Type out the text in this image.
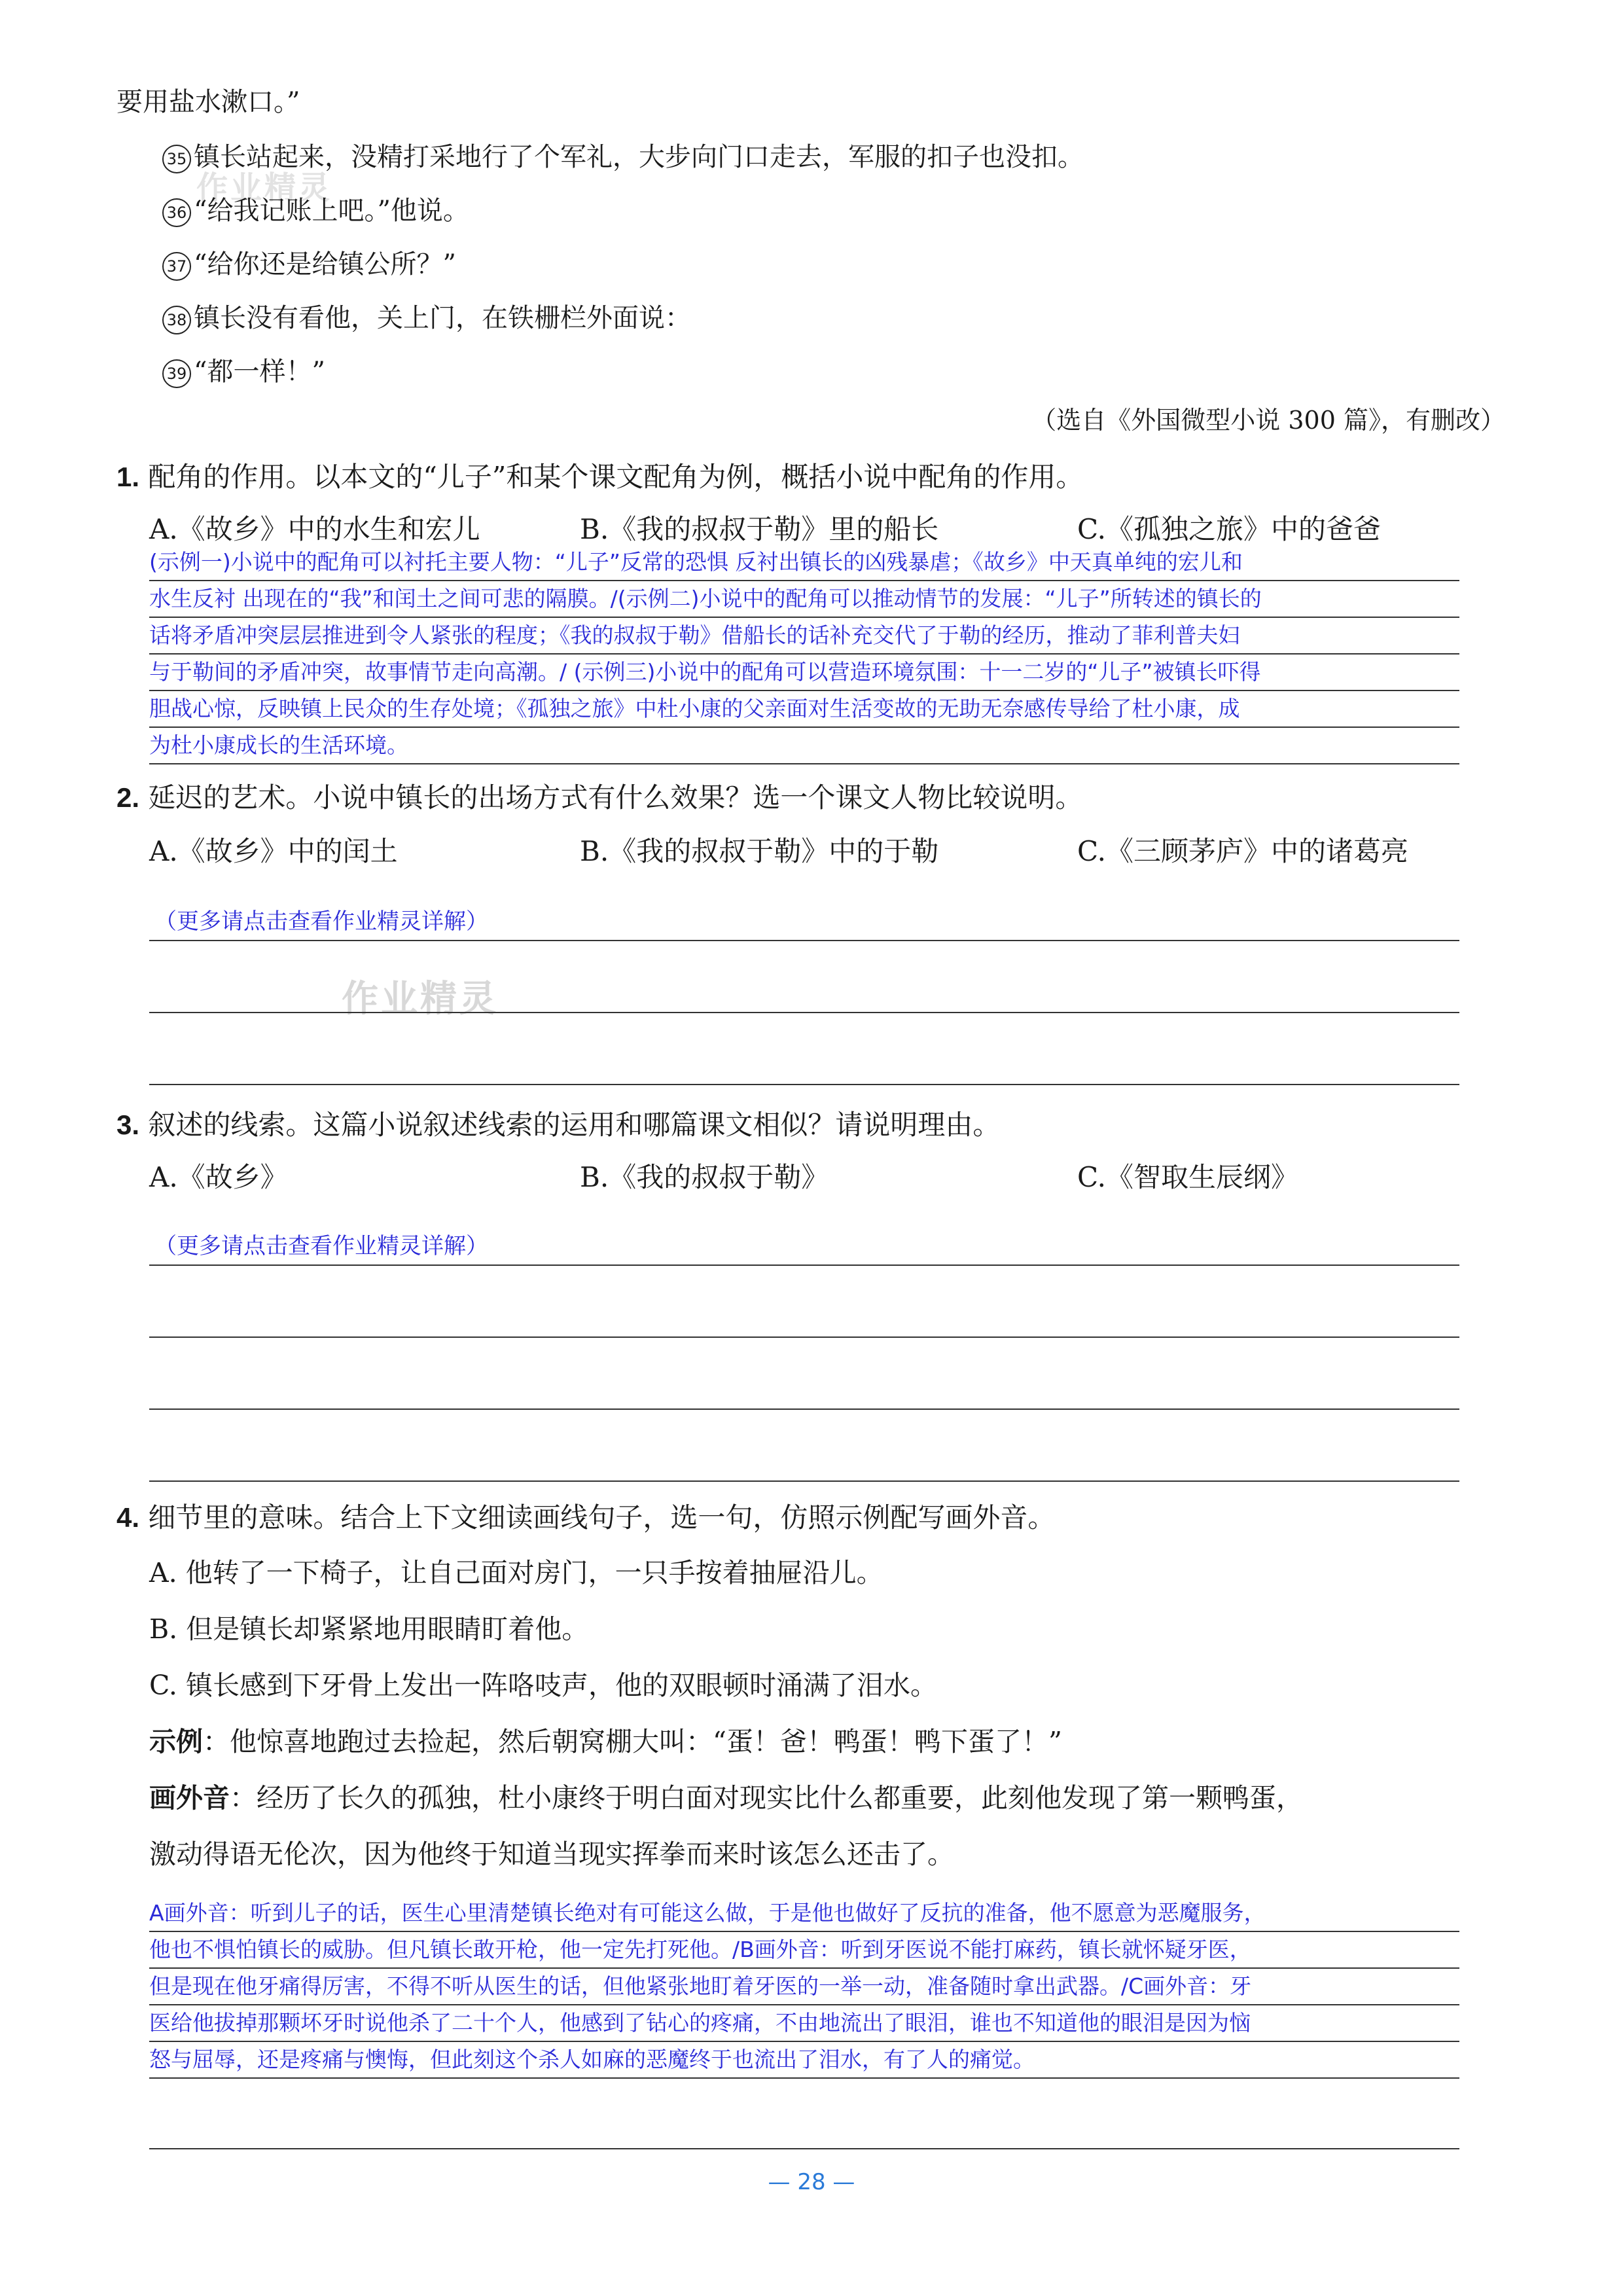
作业精灵
作业精灵
要用盐水漱口。”
35 镇长站起来，没精打采地行了个军礼，大步向门口走去，军服的扣子也没扣。
36 “给我记账上吧。”他说。
37 “给你还是给镇公所？”
38 镇长没有看他，关上门，在铁栅栏外面说：
39 “都一样！”
（选自《外国微型小说 300 篇》，有删改）
1. 配角的作用。以本文的“儿子”和某个课文配角为例，概括小说中配角的作用。
A.《故乡》中的水生和宏儿	B.《我的叔叔于勒》里的船长	C.《孤独之旅》中的爸爸
(示例一)小说中的配角可以衬托主要人物：“儿子”反常的恐惧 反衬出镇长的凶残暴虐；《故乡》中天真单纯的宏儿和
水生反衬 出现在的“我”和闰土之间可悲的隔膜。/(示例二)小说中的配角可以推动情节的发展：“儿子”所转述的镇长的
话将矛盾冲突层层推进到令人紧张的程度；《我的叔叔于勒》借船长的话补充交代了于勒的经历，推动了菲利普夫妇
与于勒间的矛盾冲突，故事情节走向高潮。/ (示例三)小说中的配角可以营造环境氛围：十一二岁的“儿子”被镇长吓得
胆战心惊，反映镇上民众的生存处境；《孤独之旅》中杜小康的父亲面对生活变故的无助无奈感传导给了杜小康，成
为杜小康成长的生活环境。
2. 延迟的艺术。小说中镇长的出场方式有什么效果？选一个课文人物比较说明。
A.《故乡》中的闰土	B.《我的叔叔于勒》中的于勒	C.《三顾茅庐》中的诸葛亮
（更多请点击查看作业精灵详解）
3. 叙述的线索。这篇小说叙述线索的运用和哪篇课文相似？请说明理由。
A.《故乡》	B.《我的叔叔于勒》	C.《智取生辰纲》
（更多请点击查看作业精灵详解）
4. 细节里的意味。结合上下文细读画线句子，选一句，仿照示例配写画外音。
A. 他转了一下椅子，让自己面对房门，一只手按着抽屉沿儿。
B. 但是镇长却紧紧地用眼睛盯着他。
C. 镇长感到下牙骨上发出一阵咯吱声，他的双眼顿时涌满了泪水。
示例：他惊喜地跑过去捡起，然后朝窝棚大叫：“蛋！爸！鸭蛋！鸭下蛋了！”
画外音：经历了长久的孤独，杜小康终于明白面对现实比什么都重要，此刻他发现了第一颗鸭蛋，
激动得语无伦次，因为他终于知道当现实挥拳而来时该怎么还击了。
A画外音：听到儿子的话，医生心里清楚镇长绝对有可能这么做，于是他也做好了反抗的准备，他不愿意为恶魔服务，
他也不惧怕镇长的威胁。但凡镇长敢开枪，他一定先打死他。/B画外音：听到牙医说不能打麻药，镇长就怀疑牙医，
但是现在他牙痛得厉害，不得不听从医生的话，但他紧张地盯着牙医的一举一动，准备随时拿出武器。/C画外音：牙
医给他拔掉那颗坏牙时说他杀了二十个人，他感到了钻心的疼痛，不由地流出了眼泪，谁也不知道他的眼泪是因为恼
怒与屈辱，还是疼痛与懊悔，但此刻这个杀人如麻的恶魔终于也流出了泪水，有了人的痛觉。
— 28 —
